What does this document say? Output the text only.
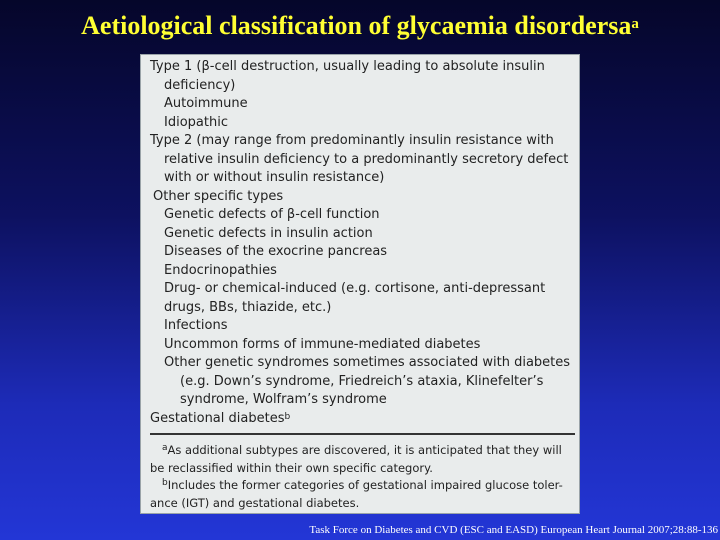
Aetiological classification of glycaemia disordersa$^a$
Type 1 (β-cell destruction, usually leading to absolute insulin
deficiency)
Autoimmune
Idiopathic
Type 2 (may range from predominantly insulin resistance with
relative insulin deficiency to a predominantly secretory defect
with or without insulin resistance)
Other specific types
Genetic defects of β-cell function
Genetic defects in insulin action
Diseases of the exocrine pancreas
Endocrinopathies
Drug- or chemical-induced (e.g. cortisone, anti-depressant
drugs, BBs, thiazide, etc.)
Infections
Uncommon forms of immune-mediated diabetes
Other genetic syndromes sometimes associated with diabetes
(e.g. Down’s syndrome, Friedreich’s ataxia, Klinefelter’s
syndrome, Wolfram’s syndrome
Gestational diabetes$^b$
$^a$As additional subtypes are discovered, it is anticipated that they will
be reclassified within their own specific category.
$^b$Includes the former categories of gestational impaired glucose toler-
ance (IGT) and gestational diabetes.
Task Force on Diabetes and CVD (ESC and EASD) European Heart Journal 2007;28:88-136
